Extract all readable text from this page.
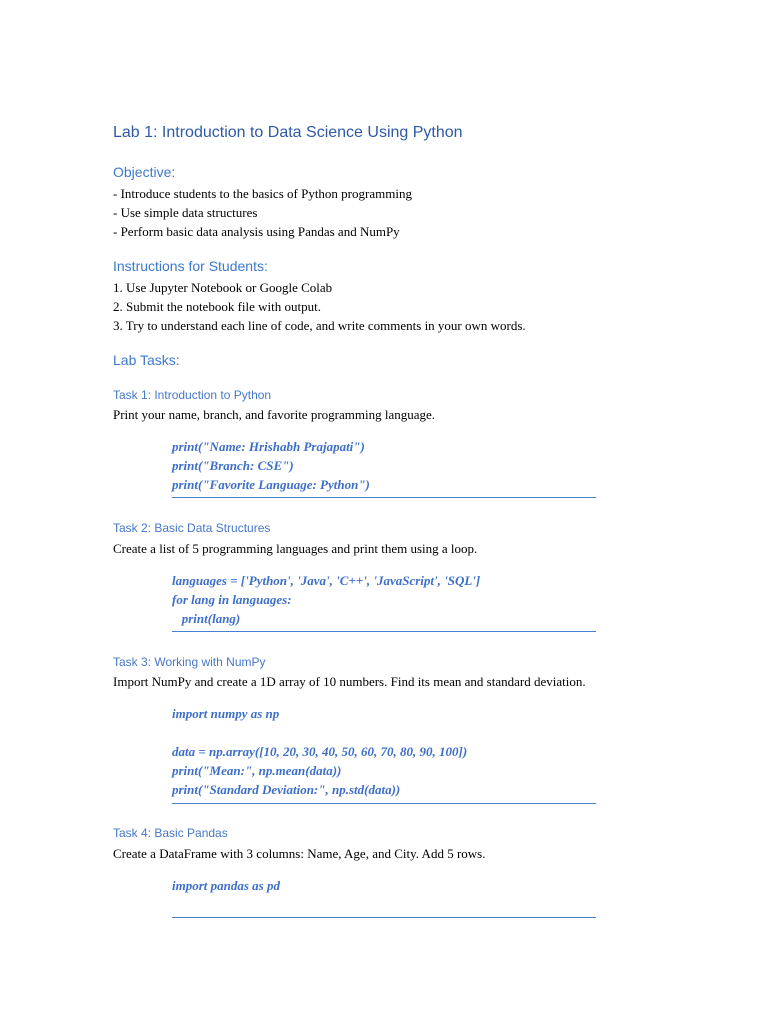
Lab 1: Introduction to Data Science Using Python
Objective:
- Introduce students to the basics of Python programming
- Use simple data structures
- Perform basic data analysis using Pandas and NumPy
Instructions for Students:
1. Use Jupyter Notebook or Google Colab
2. Submit the notebook file with output.
3. Try to understand each line of code, and write comments in your own words.
Lab Tasks:
Task 1: Introduction to Python
Print your name, branch, and favorite programming language.
print("Name: Hrishabh Prajapati")
print("Branch: CSE")
print("Favorite Language: Python")
Task 2: Basic Data Structures
Create a list of 5 programming languages and print them using a loop.
languages = ['Python', 'Java', 'C++', 'JavaScript', 'SQL']
for lang in languages:
print(lang)
Task 3: Working with NumPy
Import NumPy and create a 1D array of 10 numbers. Find its mean and standard deviation.
import numpy as np
data = np.array([10, 20, 30, 40, 50, 60, 70, 80, 90, 100])
print("Mean:", np.mean(data))
print("Standard Deviation:", np.std(data))
Task 4: Basic Pandas
Create a DataFrame with 3 columns: Name, Age, and City. Add 5 rows.
import pandas as pd
